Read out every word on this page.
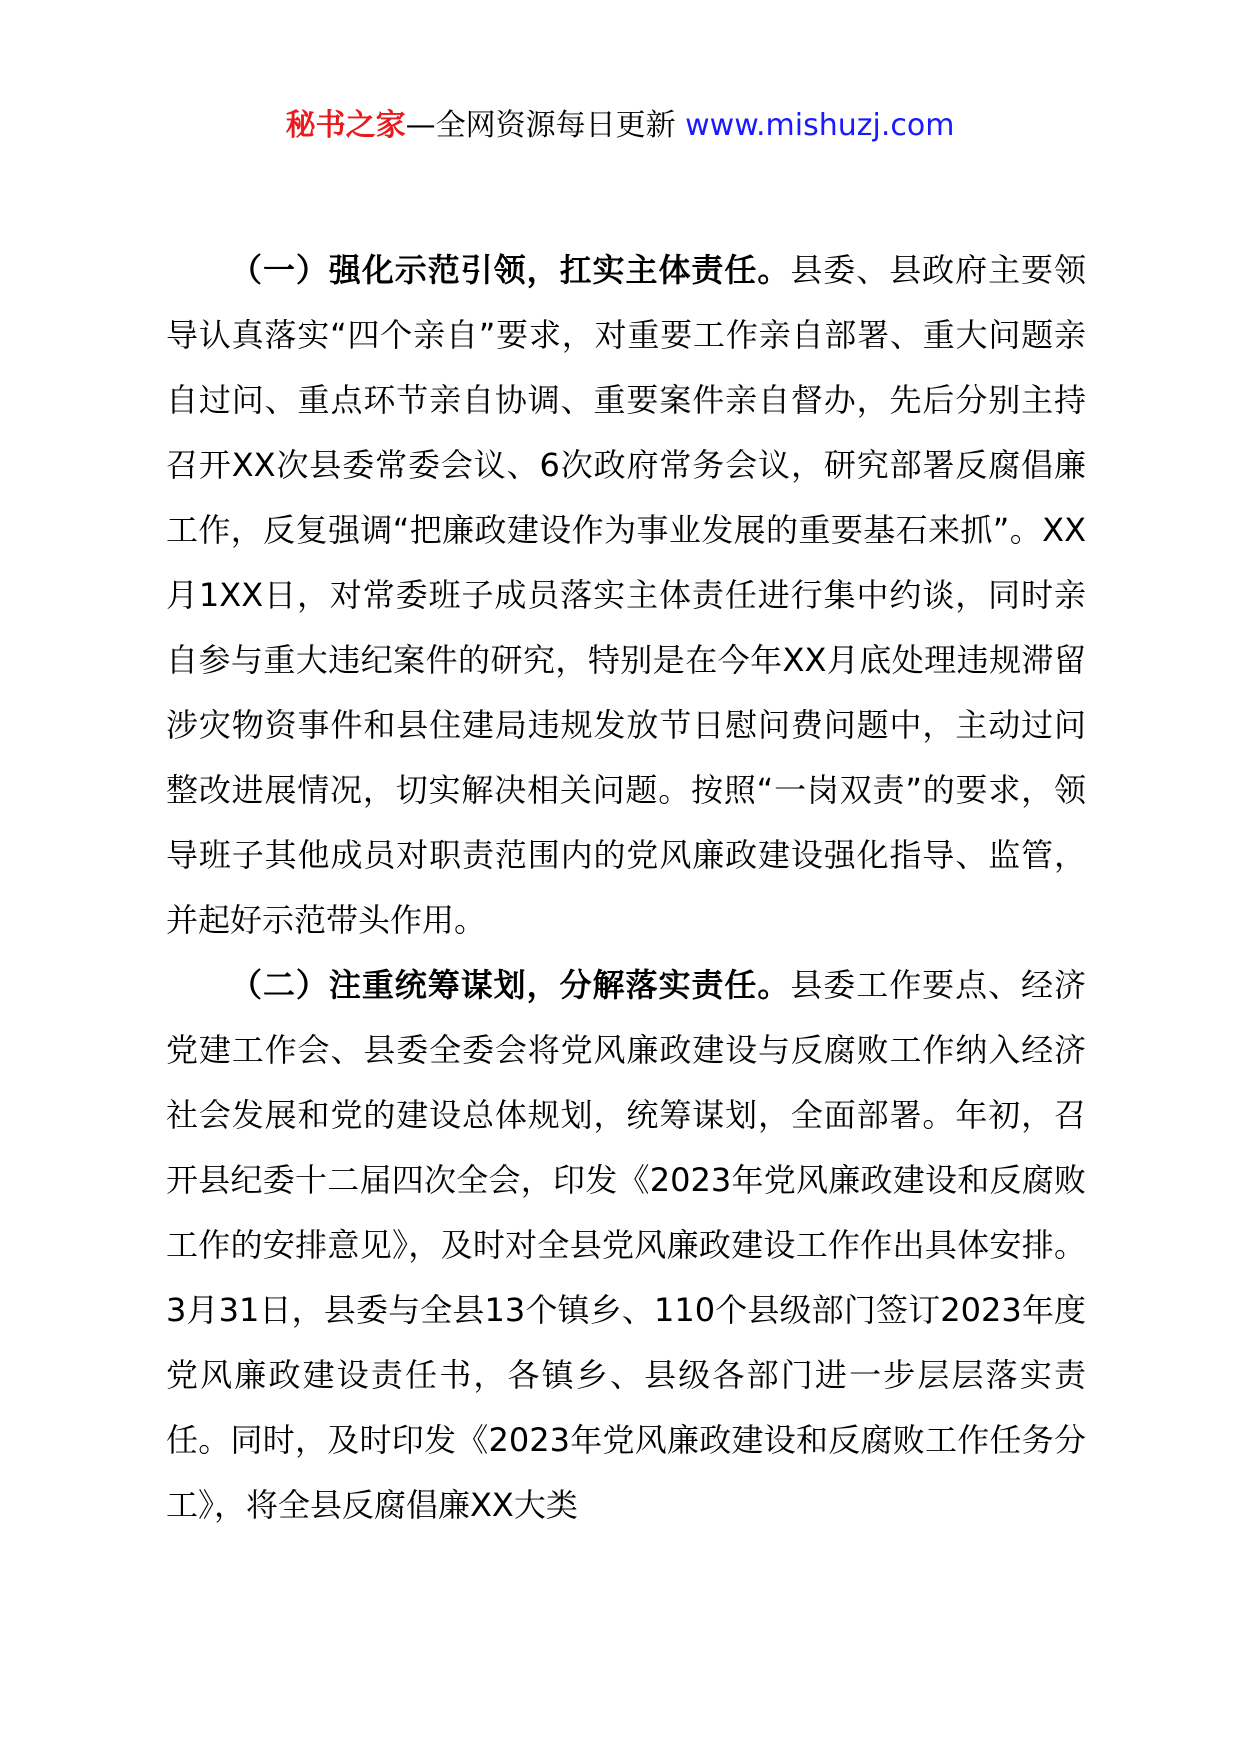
秘书之家—全网资源每日更新 www.mishuzj.com

（一）强化示范引领，扛实主体责任。县委、县政府主要领导认真落实“四个亲自”要求，对重要工作亲自部署、重大问题亲自过问、重点环节亲自协调、重要案件亲自督办，先后分别主持召开XX次县委常委会议、6次政府常务会议，研究部署反腐倡廉工作，反复强调“把廉政建设作为事业发展的重要基石来抓”。XX月1XX日，对常委班子成员落实主体责任进行集中约谈，同时亲自参与重大违纪案件的研究，特别是在今年XX月底处理违规滞留涉灾物资事件和县住建局违规发放节日慰问费问题中，主动过问整改进展情况，切实解决相关问题。按照“一岗双责”的要求，领导班子其他成员对职责范围内的党风廉政建设强化指导、监管，并起好示范带头作用。

（二）注重统筹谋划，分解落实责任。县委工作要点、经济党建工作会、县委全委会将党风廉政建设与反腐败工作纳入经济社会发展和党的建设总体规划，统筹谋划，全面部署。年初，召开县纪委十二届四次全会，印发《2023年党风廉政建设和反腐败工作的安排意见》，及时对全县党风廉政建设工作作出具体安排。3月31日，县委与全县13个镇乡、110个县级部门签订2023年度党风廉政建设责任书，各镇乡、县级各部门进一步层层落实责任。同时，及时印发《2023年党风廉政建设和反腐败工作任务分工》，将全县反腐倡廉XX大类
